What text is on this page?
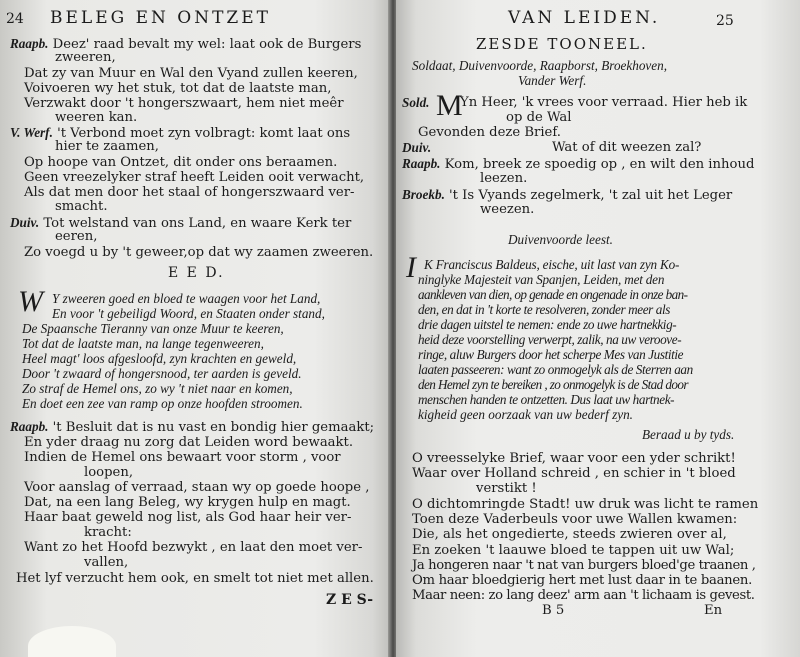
24 BELEG EN ONTZET
Raapb. Deez' raad bevalt my wel: laat ook de Burgers
zweeren,
Dat zy van Muur en Wal den Vyand zullen keeren,
Voivoeren wy het stuk, tot dat de laatste man,
Verzwakt door 't hongerszwaart, hem niet meêr
weeren kan.
V. Werf. 't Verbond moet zyn volbragt: komt laat ons
hier te zaamen,
Op hoope van Ontzet, dit onder ons beraamen.
Geen vreezelyker straf heeft Leiden ooit verwacht,
Als dat men door het staal of hongerszwaard ver-
smacht.
Duiv. Tot welstand van ons Land, en waare Kerk ter
eeren,
Zo voegd u by 't geweer,op dat wy zaamen zweeren.
E E D.
W Y zweeren goed en bloed te waagen voor het Land,
En voor 't gebeiligd Woord, en Staaten onder stand,
De Spaansche Tieranny van onze Muur te keeren,
Tot dat de laatste man, na lange tegenweeren,
Heel magt' loos afgesloofd, zyn krachten en geweld,
Door 't zwaard of hongersnood, ter aarden is geveld.
Zo straf de Hemel ons, zo wy 't niet naar en komen,
En doet een zee van ramp op onze hoofden stroomen.
Raapb. 't Besluit dat is nu vast en bondig hier gemaakt;
En yder draag nu zorg dat Leiden word bewaakt.
Indien de Hemel ons bewaart voor storm , voor
loopen,
Voor aanslag of verraad, staan wy op goede hoope ,
Dat, na een lang Beleg, wy krygen hulp en magt.
Haar baat geweld nog list, als God haar heir ver-
kracht:
Want zo het Hoofd bezwykt , en laat den moet ver-
vallen,
Het lyf verzucht hem ook, en smelt tot niet met allen.
Z E S-
VAN LEIDEN.	25
ZESDE TOONEEL.
Soldaat, Duivenvoorde, Raapborst, Broekhoven,
Vander Werf.
Sold. M
Yn Heer, 'k vrees voor verraad. Hier heb ik
op de Wal
Gevonden deze Brief.
Duiv.	Wat of dit weezen zal?
Raapb. Kom, breek ze spoedig op , en wilt den inhoud
leezen.
Broekb. 't Is Vyands zegelmerk, 't zal uit het Leger
weezen.
Duivenvoorde leest.
I K Franciscus Baldeus, eische, uit last van zyn Ko-
ninglyke Majesteit van Spanjen, Leiden, met den
aankleven van dien, op genade en ongenade in onze ban-
den, en dat in 't korte te resolveren, zonder meer als
drie dagen uitstel te nemen: ende zo uwe hartnekkig-
heid deze voorstelling verwerpt, zalik, na uw veroove-
ringe, aluw Burgers door het scherpe Mes van Justitie
laaten passeeren: want zo onmogelyk als de Sterren aan
den Hemel zyn te bereiken , zo onmogelyk is de Stad door
menschen handen te ontzetten. Dus laat uw hartnek-
kigheid geen oorzaak van uw bederf zyn.
Beraad u by tyds.
O vreesselyke Brief, waar voor een yder schrikt!
Waar over Holland schreid , en schier in 't bloed
verstikt !
O dichtomringde Stadt! uw druk was licht te ramen
Toen deze Vaderbeuls voor uwe Wallen kwamen:
Die, als het ongedierte, steeds zwieren over al,
En zoeken 't laauwe bloed te tappen uit uw Wal;
Ja hongeren naar 't nat van burgers bloed'ge traanen ,
Om haar bloedgierig hert met lust daar in te baanen.
Maar neen: zo lang deez' arm aan 't lichaam is gevest.
B 5	En
